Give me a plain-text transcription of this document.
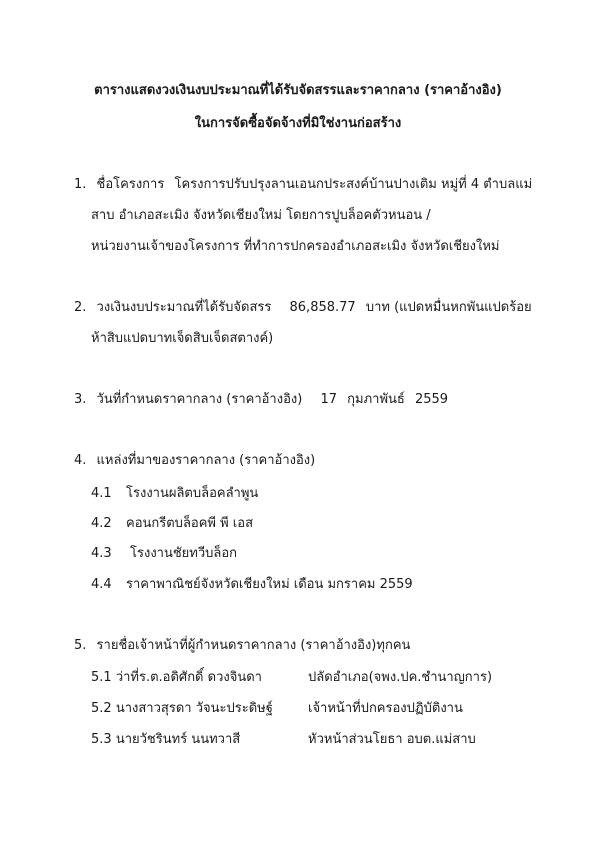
ตารางแสดงวงเงินงบประมาณที่ได้รับจัดสรรและราคากลาง (ราคาอ้างอิง)
ในการจัดซื้อจัดจ้างที่มิใช่งานก่อสร้าง
1. ชื่อโครงการ โครงการปรับปรุงลานเอนกประสงค์บ้านปางเติม หมู่ที่ 4 ตำบลแม่
สาบ อำเภอสะเมิง จังหวัดเชียงใหม่ โดยการปูบล็อคตัวหนอน /
หน่วยงานเจ้าของโครงการ ที่ทำการปกครองอำเภอสะเมิง จังหวัดเชียงใหม่
2. วงเงินงบประมาณที่ได้รับจัดสรร 86,858.77 บาท (แปดหมื่นหกพันแปดร้อย
ห้าสิบแปดบาทเจ็ดสิบเจ็ดสตางค์)
3. วันที่กำหนดราคากลาง (ราคาอ้างอิง) 17 กุมภาพันธ์ 2559
4. แหล่งที่มาของราคากลาง (ราคาอ้างอิง)
4.1 โรงงานผลิตบล็อคลำพูน
4.2 คอนกรีตบล็อคพี พี เอส
4.3 โรงงานชัยทวีบล็อก
4.4 ราคาพาณิชย์จังหวัดเชียงใหม่ เดือน มกราคม 2559
5. รายชื่อเจ้าหน้าที่ผู้กำหนดราคากลาง (ราคาอ้างอิง)ทุกคน
5.1 ว่าที่ร.ต.อดิศักดิ์ ดวงจินดา	ปลัดอำเภอ(จพง.ปค.ชำนาญการ)
5.2 นางสาวสุรดา วัจนะประดิษฐ์	เจ้าหน้าที่ปกครองปฏิบัติงาน
5.3 นายวัชรินทร์ นนทวาสี	หัวหน้าส่วนโยธา อบต.แม่สาบ
